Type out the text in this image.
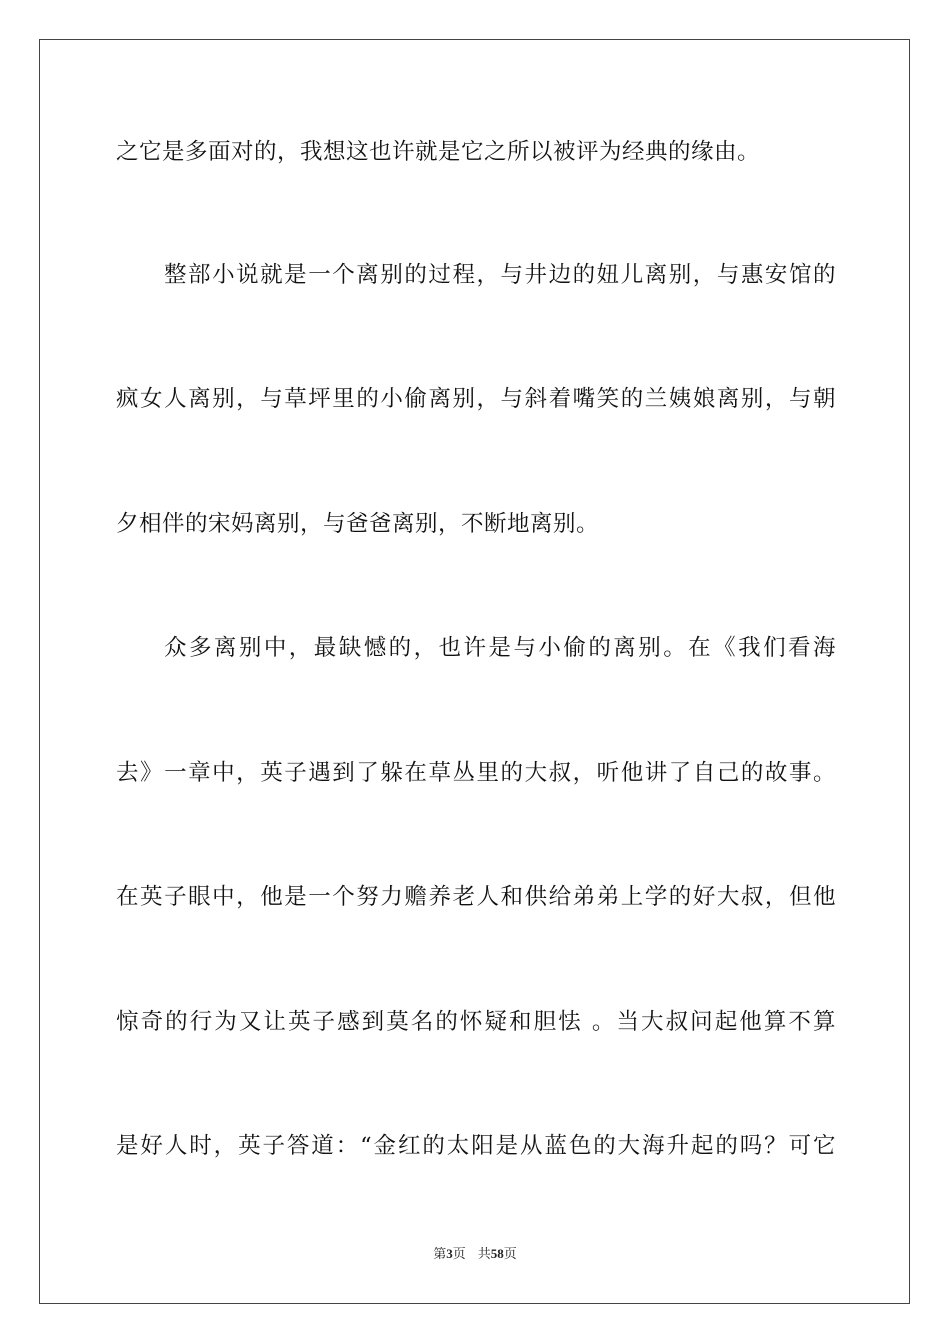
之它是多面对的，我想这也许就是它之所以被评为经典的缘由。
整部小说就是一个离别的过程，与井边的妞儿离别，与惠安馆的
疯女人离别，与草坪里的小偷离别，与斜着嘴笑的兰姨娘离别，与朝
夕相伴的宋妈离别，与爸爸离别，不断地离别。
众多离别中，最缺憾的，也许是与小偷的离别。在《我们看海
去》一章中，英子遇到了躲在草丛里的大叔，听他讲了自己的故事。
在英子眼中，他是一个努力赡养老人和供给弟弟上学的好大叔，但他
惊奇的行为又让英子感到莫名的怀疑和胆怯 。当大叔问起他算不算
是好人时，英子答道：“金红的太阳是从蓝色的大海升起的吗？可它
第3页 共58页
